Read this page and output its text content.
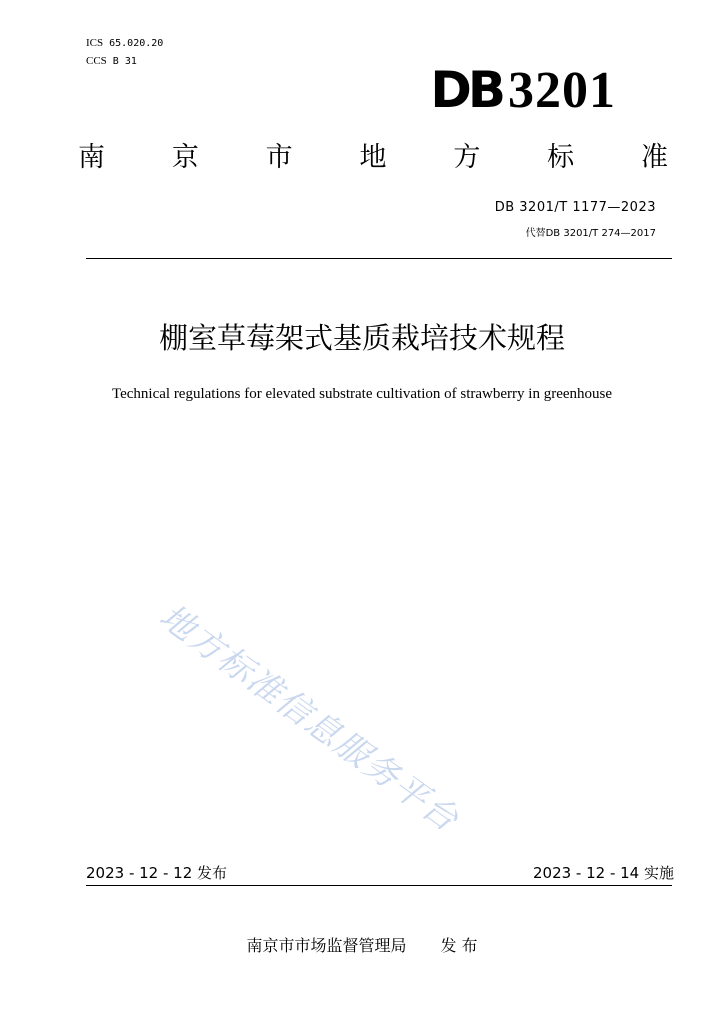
ICS 65.020.20
CCS B 31	DB 3201
南 京 市 地 方 标 准
DB 3201/T 1177—2023
代替DB 3201/T 274—2017
棚室草莓架式基质栽培技术规程
Technical regulations for elevated substrate cultivation of strawberry in greenhouse
地方标准信息服务平台
2023 - 12 - 12 发布	2023 - 12 - 14 实施
南京市市场监督管理局 发 布
